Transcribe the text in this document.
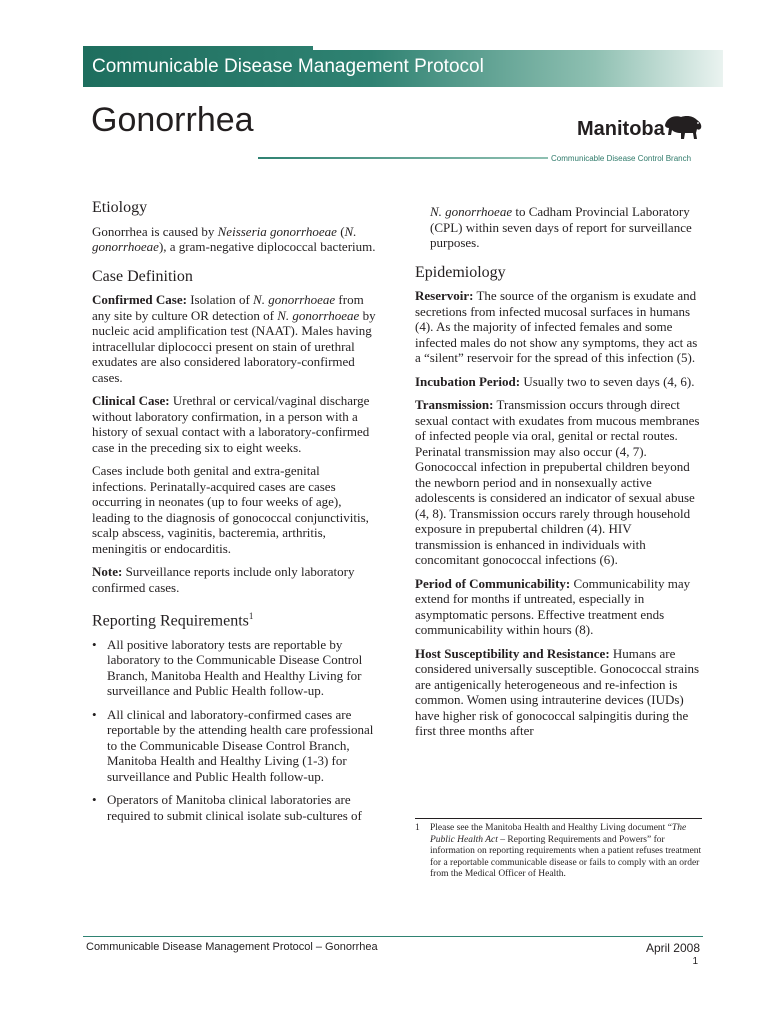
Communicable Disease Management Protocol
Gonorrhea	Manitoba
Communicable Disease Control Branch
Etiology

Gonorrhea is caused by Neisseria gonorrhoeae (N. gonorrhoeae), a gram-negative diplococcal bacterium.

Case Definition

Confirmed Case: Isolation of N. gonorrhoeae from any site by culture OR detection of N. gonorrhoeae by nucleic acid amplification test (NAAT). Males having intracellular diplococci present on stain of urethral exudates are also considered laboratory-confirmed cases.

Clinical Case: Urethral or cervical/vaginal discharge without laboratory confirmation, in a person with a history of sexual contact with a laboratory-confirmed case in the preceding six to eight weeks.

Cases include both genital and extra-genital infections. Perinatally-acquired cases are cases occurring in neonates (up to four weeks of age), leading to the diagnosis of gonococcal conjunctivitis, scalp abscess, vaginitis, bacteremia, arthritis, meningitis or endocarditis.

Note: Surveillance reports include only laboratory confirmed cases.

Reporting Requirements$^1$
• All positive laboratory tests are reportable by laboratory to the Communicable Disease Control Branch, Manitoba Health and Healthy Living for surveillance and Public Health follow-up.
• All clinical and laboratory-confirmed cases are reportable by the attending health care professional to the Communicable Disease Control Branch, Manitoba Health and Healthy Living (1-3) for surveillance and Public Health follow-up.
• Operators of Manitoba clinical laboratories are required to submit clinical isolate sub-cultures of

N. gonorrhoeae to Cadham Provincial Laboratory (CPL) within seven days of report for surveillance purposes.

Epidemiology

Reservoir: The source of the organism is exudate and secretions from infected mucosal surfaces in humans (4). As the majority of infected females and some infected males do not show any symptoms, they act as a “silent” reservoir for the spread of this infection (5).

Incubation Period: Usually two to seven days (4, 6).

Transmission: Transmission occurs through direct sexual contact with exudates from mucous membranes of infected people via oral, genital or rectal routes. Perinatal transmission may also occur (4, 7). Gonococcal infection in prepubertal children beyond the newborn period and in nonsexually active adolescents is considered an indicator of sexual abuse (4, 8). Transmission occurs rarely through household exposure in prepubertal children (4). HIV transmission is enhanced in individuals with concomitant gonococcal infections (6).

Period of Communicability: Communicability may extend for months if untreated, especially in asymptomatic persons. Effective treatment ends communicability within hours (8).

Host Susceptibility and Resistance: Humans are considered universally susceptible. Gonococcal strains are antigenically heterogeneous and re-infection is common. Women using intrauterine devices (IUDs) have higher risk of gonococcal salpingitis during the first three months after

1 Please see the Manitoba Health and Healthy Living document “The Public Health Act – Reporting Requirements and Powers” for information on reporting requirements when a patient refuses treatment for a reportable communicable disease or fails to comply with an order from the Medical Officer of Health.
Communicable Disease Management Protocol – Gonorrhea	April 2008
1
